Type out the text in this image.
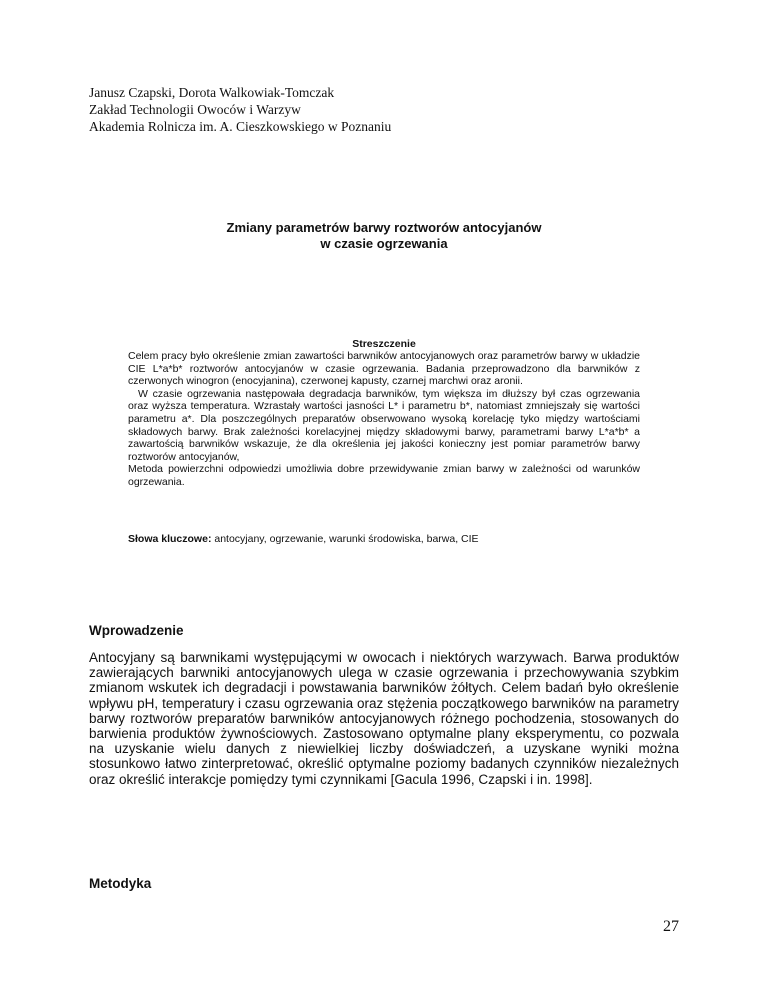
Janusz Czapski, Dorota Walkowiak-Tomczak
Zakład Technologii Owoców i Warzyw
Akademia Rolnicza im. A. Cieszkowskiego w Poznaniu
Zmiany parametrów barwy roztworów antocyjanów
w czasie ogrzewania
Streszczenie

Celem pracy było określenie zmian zawartości barwników antocyjanowych oraz parametrów barwy w układzie CIE L*a*b* roztworów antocyjanów w czasie ogrzewania. Badania przeprowadzono dla barwników z czerwonych winogron (enocyjanina), czerwonej kapusty, czarnej marchwi oraz aronii.

W czasie ogrzewania następowała degradacja barwników, tym większa im dłuższy był czas ogrzewania oraz wyższa temperatura. Wzrastały wartości jasności L* i parametru b*, natomiast zmniejszały się wartości parametru a*. Dla poszczególnych preparatów obserwowano wysoką korelację tyko między wartościami składowych barwy. Brak zależności korelacyjnej między składowymi barwy, parametrami barwy L*a*b* a zawartością barwników wskazuje, że dla określenia jej jakości konieczny jest pomiar parametrów barwy roztworów antocyjanów,

Metoda powierzchni odpowiedzi umożliwia dobre przewidywanie zmian barwy w zależności od warunków ogrzewania.

Słowa kluczowe: antocyjany, ogrzewanie, warunki środowiska, barwa, CIE
Wprowadzenie

Antocyjany są barwnikami występującymi w owocach i niektórych warzywach. Barwa produktów zawierających barwniki antocyjanowych ulega w czasie ogrzewania i przechowywania szybkim zmianom wskutek ich degradacji i powstawania barwników żółtych. Celem badań było określenie wpływu pH, temperatury i czasu ogrzewania oraz stężenia początkowego barwników na parametry barwy roztworów preparatów barwników antocyjanowych różnego pochodzenia, stosowanych do barwienia produktów żywnościowych. Zastosowano optymalne plany eksperymentu, co pozwala na uzyskanie wielu danych z niewielkiej liczby doświadczeń, a uzyskane wyniki można stosunkowo łatwo zinterpretować, określić optymalne poziomy badanych czynników niezależnych oraz określić interakcje pomiędzy tymi czynnikami [Gacula 1996, Czapski i in. 1998].

Metodyka
27
